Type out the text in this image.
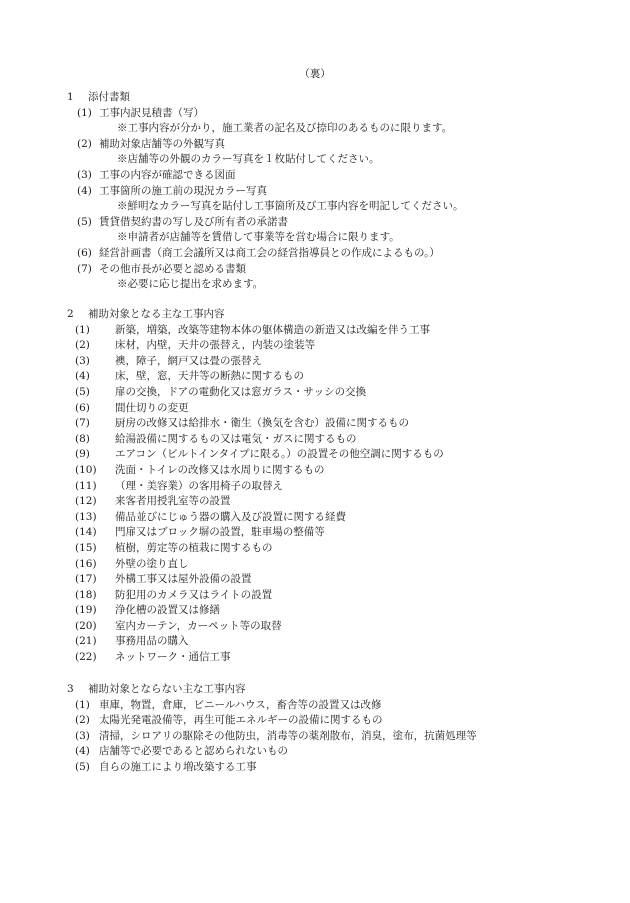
（裏）
1 添付書類
(1) 工事内訳見積書（写）
※工事内容が分かり，施工業者の記名及び捺印のあるものに限ります。
(2) 補助対象店舗等の外観写真
※店舗等の外観のカラー写真を１枚貼付してください。
(3) 工事の内容が確認できる図面
(4) 工事箇所の施工前の現況カラー写真
※鮮明なカラー写真を貼付し工事箇所及び工事内容を明記してください。
(5) 賃貸借契約書の写し及び所有者の承諾書
※申請者が店舗等を賃借して事業等を営む場合に限ります。
(6) 経営計画書（商工会議所又は商工会の経営指導員との作成によるもの。）
(7) その他市長が必要と認める書類
※必要に応じ提出を求めます。
2 補助対象となる主な工事内容
(1) 新築，増築，改築等建物本体の躯体構造の新造又は改編を伴う工事
(2) 床材，内壁，天井の張替え，内装の塗装等
(3) 襖，障子，網戸又は畳の張替え
(4) 床，壁，窓，天井等の断熱に関するもの
(5) 扉の交換，ドアの電動化又は窓ガラス・サッシの交換
(6) 間仕切りの変更
(7) 厨房の改修又は給排水・衛生（換気を含む）設備に関するもの
(8) 給湯設備に関するもの又は電気・ガスに関するもの
(9) エアコン（ビルトインタイプに限る。）の設置その他空調に関するもの
(10) 洗面・トイレの改修又は水周りに関するもの
(11) （理・美容業）の客用椅子の取替え
(12) 来客者用授乳室等の設置
(13) 備品並びにじゅう器の購入及び設置に関する経費
(14) 門扉又はブロック塀の設置，駐車場の整備等
(15) 植樹，剪定等の植栽に関するもの
(16) 外壁の塗り直し
(17) 外構工事又は屋外設備の設置
(18) 防犯用のカメラ又はライトの設置
(19) 浄化槽の設置又は修繕
(20) 室内カーテン，カーペット等の取替
(21) 事務用品の購入
(22) ネットワーク・通信工事
3 補助対象とならない主な工事内容
(1) 車庫，物置，倉庫，ビニールハウス，畜舎等の設置又は改修
(2) 太陽光発電設備等，再生可能エネルギーの設備に関するもの
(3) 清掃，シロアリの駆除その他防虫，消毒等の薬剤散布，消臭，塗布，抗菌処理等
(4) 店舗等で必要であると認められないもの
(5) 自らの施工により増改築する工事
